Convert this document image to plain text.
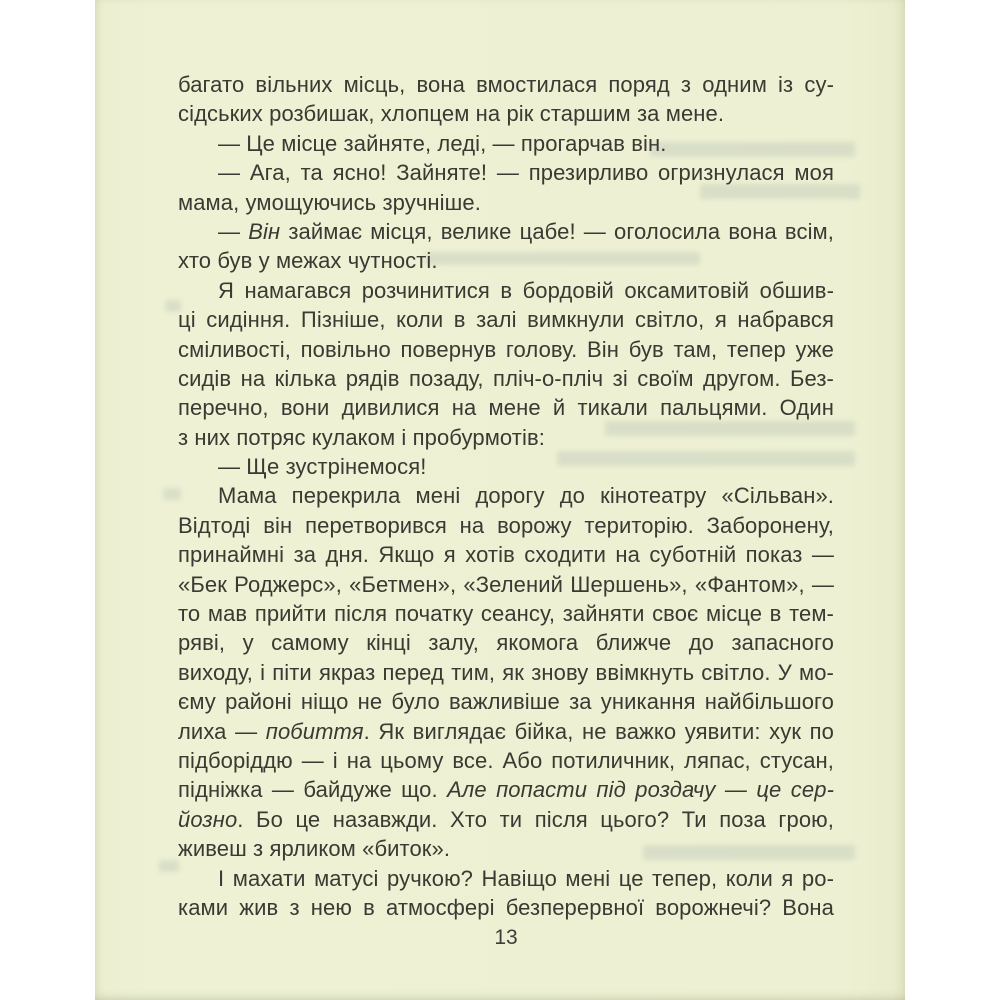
багато вільних місць, вона вмостилася поряд з одним із су-
сідських розбишак, хлопцем на рік старшим за мене.
— Це місце зайняте, леді, — прогарчав він.
— Ага, та ясно! Зайняте! — презирливо огризнулася моя
мама, умощуючись зручніше.
— Він займає місця, велике цабе! — оголосила вона всім,
хто був у межах чутності.
Я намагався розчинитися в бордовій оксамитовій обшив-
ці сидіння. Пізніше, коли в залі вимкнули світло, я набрався
сміливості, повільно повернув голову. Він був там, тепер уже
сидів на кілька рядів позаду, пліч-о-пліч зі своїм другом. Без-
перечно, вони дивилися на мене й тикали пальцями. Один
з них потряс кулаком і пробурмотів:
— Ще зустрінемося!
Мама перекрила мені дорогу до кінотеатру «Сільван».
Відтоді він перетворився на ворожу територію. Заборонену,
принаймні за дня. Якщо я хотів сходити на суботній показ —
«Бек Роджерс», «Бетмен», «Зелений Шершень», «Фантом», —
то мав прийти після початку сеансу, зайняти своє місце в тем-
ряві, у самому кінці залу, якомога ближче до запасного
виходу, і піти якраз перед тим, як знову ввімкнуть світло. У мо-
єму районі ніщо не було важливіше за уникання найбільшого
лиха — побиття. Як виглядає бійка, не важко уявити: хук по
підборіддю — і на цьому все. Або потиличник, ляпас, стусан,
підніжка — байдуже що. Але попасти під роздачу — це сер-
йозно. Бо це назавжди. Хто ти після цього? Ти поза грою,
живеш з ярликом «биток».
І махати матусі ручкою? Навіщо мені це тепер, коли я ро-
ками жив з нею в атмосфері безперервної ворожнечі? Вона
13
